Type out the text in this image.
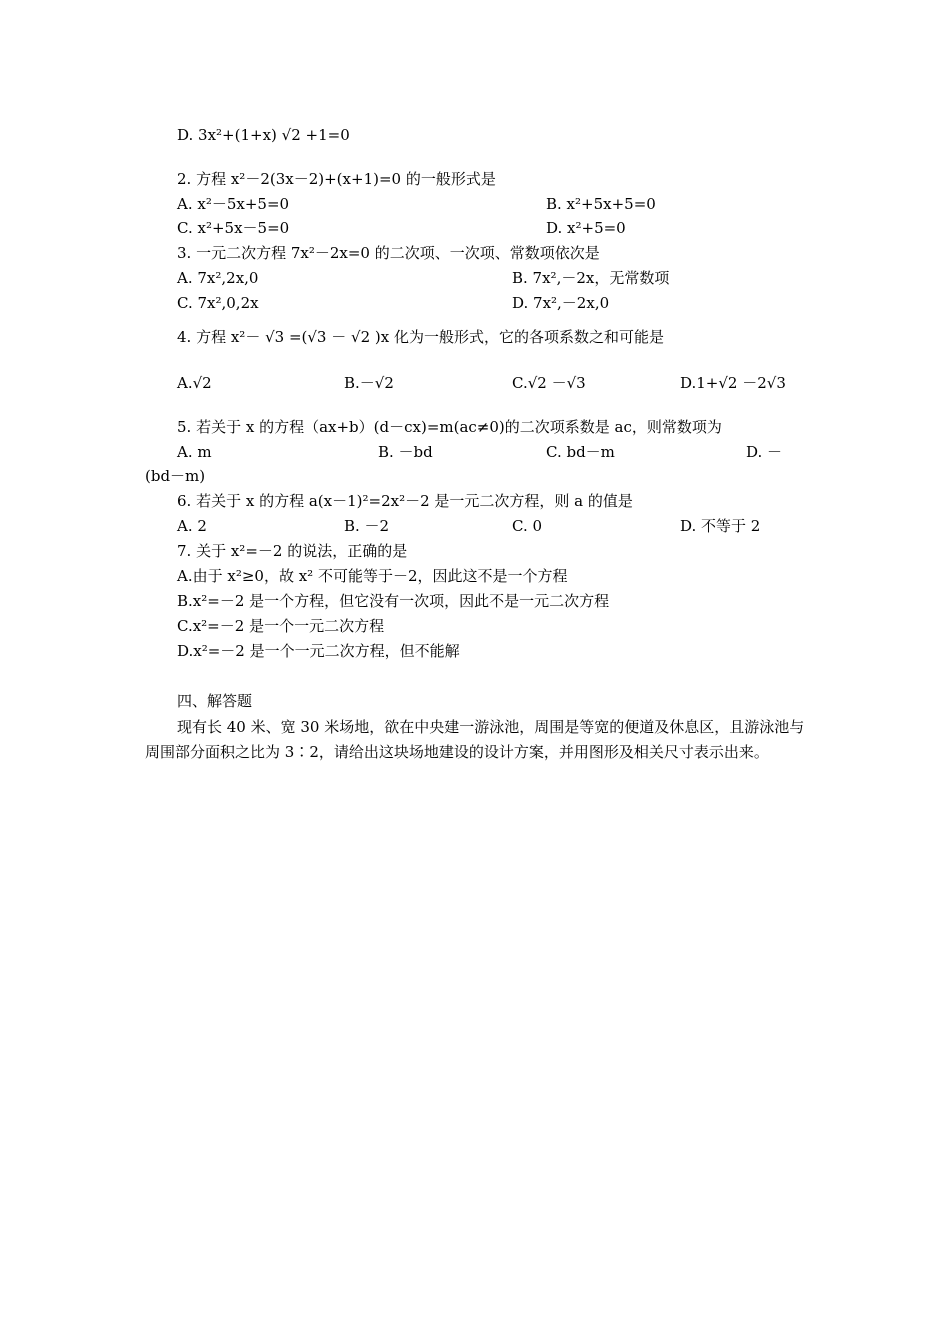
D. 3x²+(1+x) √2 +1=0
2. 方程 x²－2(3x－2)+(x+1)=0 的一般形式是
A. x²－5x+5=0	B. x²+5x+5=0
C. x²+5x－5=0	D. x²+5=0
3. 一元二次方程 7x²－2x=0 的二次项、一次项、常数项依次是
A. 7x²,2x,0	B. 7x²,－2x，无常数项
C. 7x²,0,2x	D. 7x²,－2x,0
4. 方程 x²－ √3 =(√3 － √2 )x 化为一般形式，它的各项系数之和可能是
A.√2	B.－√2	C.√2 －√3	D.1+√2 －2√3
5. 若关于 x 的方程（ax+b）(d－cx)=m(ac≠0)的二次项系数是 ac，则常数项为
A. m	B. －bd	C. bd－m	D. －
(bd－m)
6. 若关于 x 的方程 a(x－1)²=2x²－2 是一元二次方程，则 a 的值是
A. 2	B. －2	C. 0	D. 不等于 2
7. 关于 x²=－2 的说法，正确的是
A.由于 x²≥0，故 x² 不可能等于－2，因此这不是一个方程
B.x²=－2 是一个方程，但它没有一次项，因此不是一元二次方程
C.x²=－2 是一个一元二次方程
D.x²=－2 是一个一元二次方程，但不能解
四、解答题
现有长 40 米、宽 30 米场地，欲在中央建一游泳池，周围是等宽的便道及休息区，且游泳池与周围部分面积之比为 3∶2，请给出这块场地建设的设计方案，并用图形及相关尺寸表示出来。
